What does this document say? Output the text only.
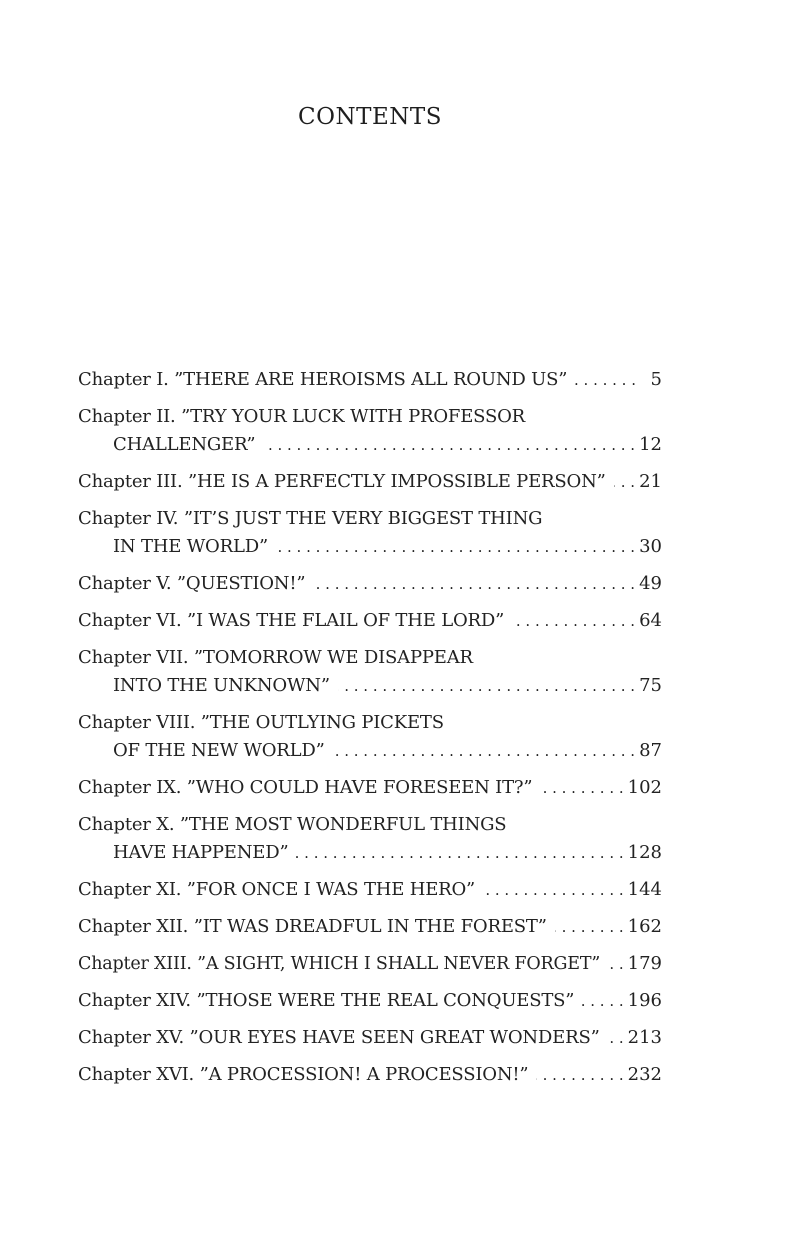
CONTENTS
Chapter I. ”THERE ARE HEROISMS ALL ROUND US” . . .	5
Chapter II. ”TRY YOUR LUCK WITH PROFESSOR
CHALLENGER” . . .	12
Chapter III. ”HE IS A PERFECTLY IMPOSSIBLE PERSON” . . . 21
Chapter IV. ”IT’S JUST THE VERY BIGGEST THING
IN THE WORLD” . . .	30
Chapter V. ”QUESTION!” . . .	49
Chapter VI. ”I WAS THE FLAIL OF THE LORD” . . .	64
Chapter VII. ”TOMORROW WE DISAPPEAR
INTO THE UNKNOWN” . . .	75
Chapter VIII. ”THE OUTLYING PICKETS
OF THE NEW WORLD” . . .	87
Chapter IX. ”WHO COULD HAVE FORESEEN IT?” . . .	102
Chapter X. ”THE MOST WONDERFUL THINGS
HAVE HAPPENED” . . .	128
Chapter XI. ”FOR ONCE I WAS THE HERO” . . .	144
Chapter XII. ”IT WAS DREADFUL IN THE FOREST” . . .	162
Chapter XIII. ”A SIGHT, WHICH I SHALL NEVER FORGET” . . . 179
Chapter XIV. ”THOSE WERE THE REAL CONQUESTS” . . .	196
Chapter XV. ”OUR EYES HAVE SEEN GREAT WONDERS” . . . 213
Chapter XVI. ”A PROCESSION! A PROCESSION!” . . .	232
